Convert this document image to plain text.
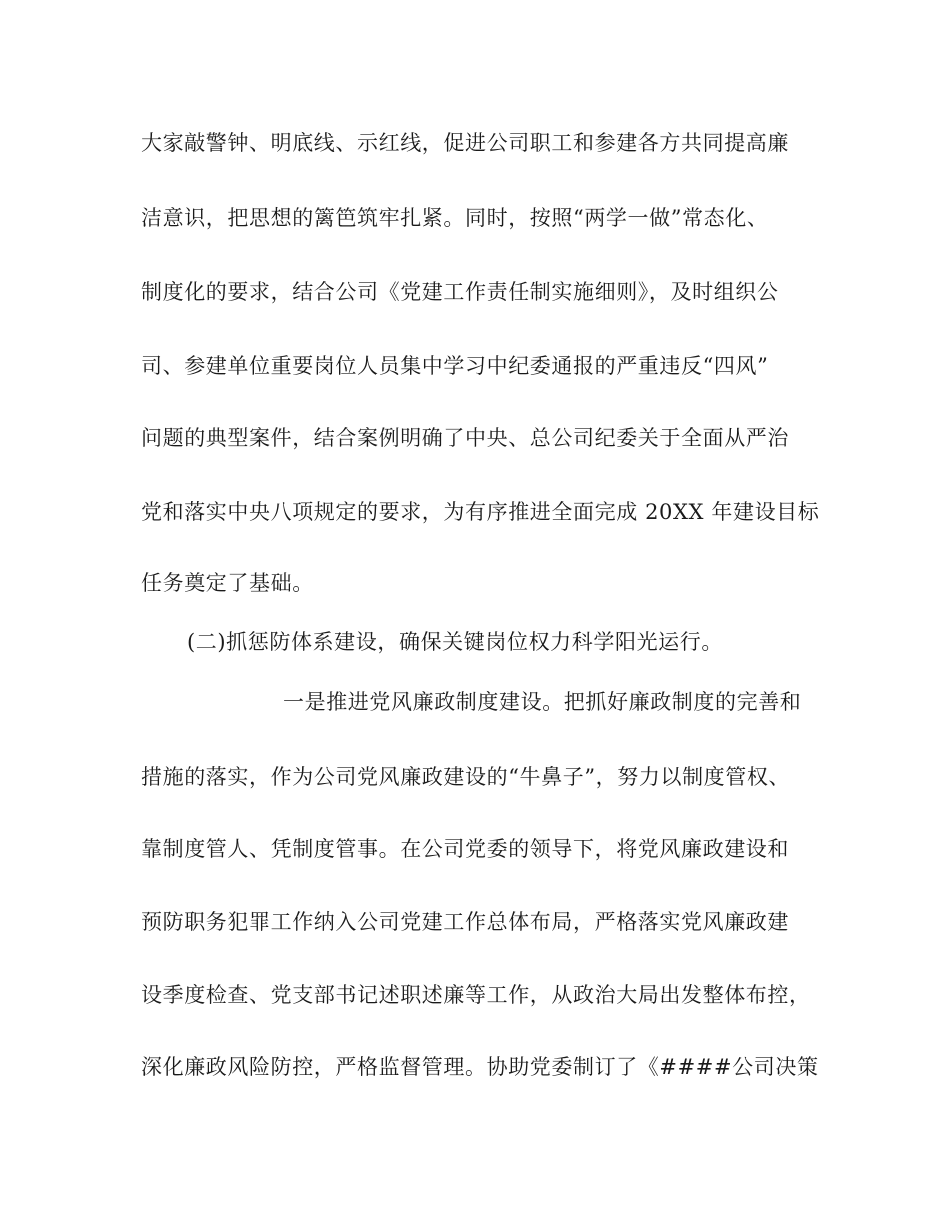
大家敲警钟、明底线、示红线，促进公司职工和参建各方共同提高廉
洁意识，把思想的篱笆筑牢扎紧。同时，按照“两学一做”常态化、
制度化的要求，结合公司《党建工作责任制实施细则》，及时组织公
司、参建单位重要岗位人员集中学习中纪委通报的严重违反“四风”
问题的典型案件，结合案例明确了中央、总公司纪委关于全面从严治
党和落实中央八项规定的要求，为有序推进全面完成 20XX 年建设目标
任务奠定了基础。
(二)抓惩防体系建设，确保关键岗位权力科学阳光运行。
一是推进党风廉政制度建设。把抓好廉政制度的完善和
措施的落实，作为公司党风廉政建设的“牛鼻子”，努力以制度管权、
靠制度管人、凭制度管事。在公司党委的领导下，将党风廉政建设和
预防职务犯罪工作纳入公司党建工作总体布局，严格落实党风廉政建
设季度检查、党支部书记述职述廉等工作，从政治大局出发整体布控，
深化廉政风险防控，严格监督管理。协助党委制订了《####公司决策
